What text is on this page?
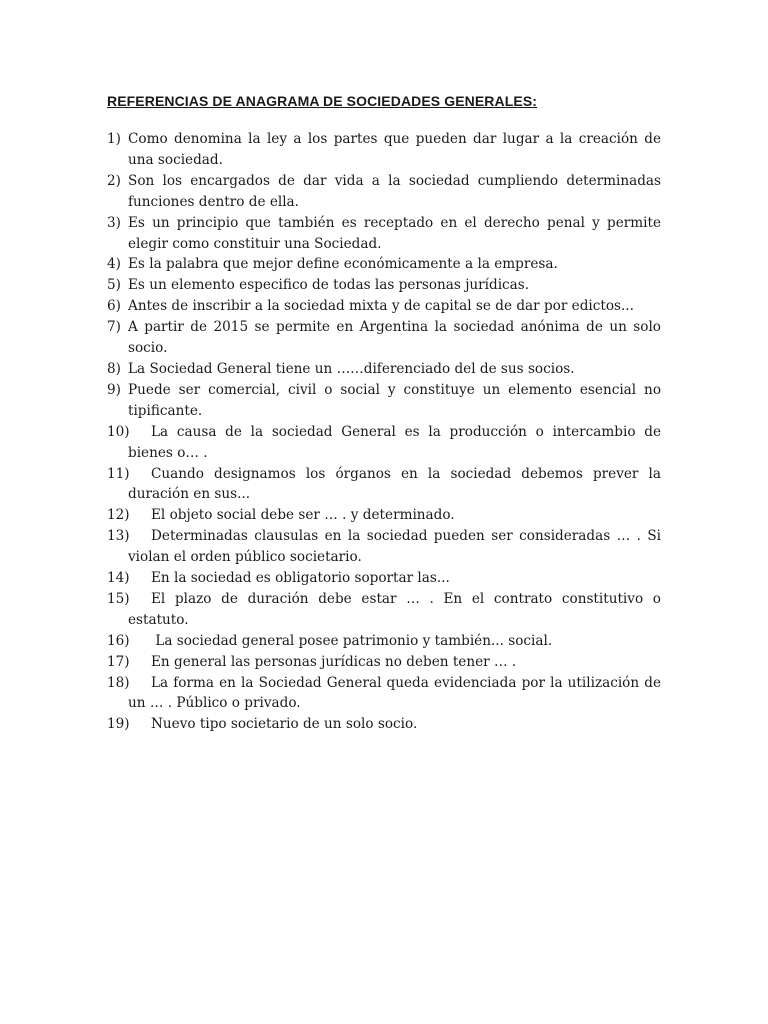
REFERENCIAS DE ANAGRAMA DE SOCIEDADES GENERALES:
1) Como denomina la ley a los partes que pueden dar lugar a la creación de una sociedad.
2) Son los encargados de dar vida a la sociedad cumpliendo determinadas funciones dentro de ella.
3) Es un principio que también es receptado en el derecho penal y permite elegir como constituir una Sociedad.
4) Es la palabra que mejor define económicamente a la empresa.
5) Es un elemento especifico de todas las personas jurídicas.
6) Antes de inscribir a la sociedad mixta y de capital se de dar por edictos...
7) A partir de 2015 se permite en Argentina la sociedad anónima de un solo socio.
8) La Sociedad General tiene un ……diferenciado del de sus socios.
9) Puede ser comercial, civil o social y constituye un elemento esencial no tipificante.
10) La causa de la sociedad General es la producción o intercambio de bienes o… .
11) Cuando designamos los órganos en la sociedad debemos prever la duración en sus...
12) El objeto social debe ser … . y determinado.
13) Determinadas clausulas en la sociedad pueden ser consideradas … . Si violan el orden público societario.
14) En la sociedad es obligatorio soportar las...
15) El plazo de duración debe estar … . En el contrato constitutivo o estatuto.
16) La sociedad general posee patrimonio y también... social.
17) En general las personas jurídicas no deben tener … .
18) La forma en la Sociedad General queda evidenciada por la utilización de un … . Público o privado.
19) Nuevo tipo societario de un solo socio.
